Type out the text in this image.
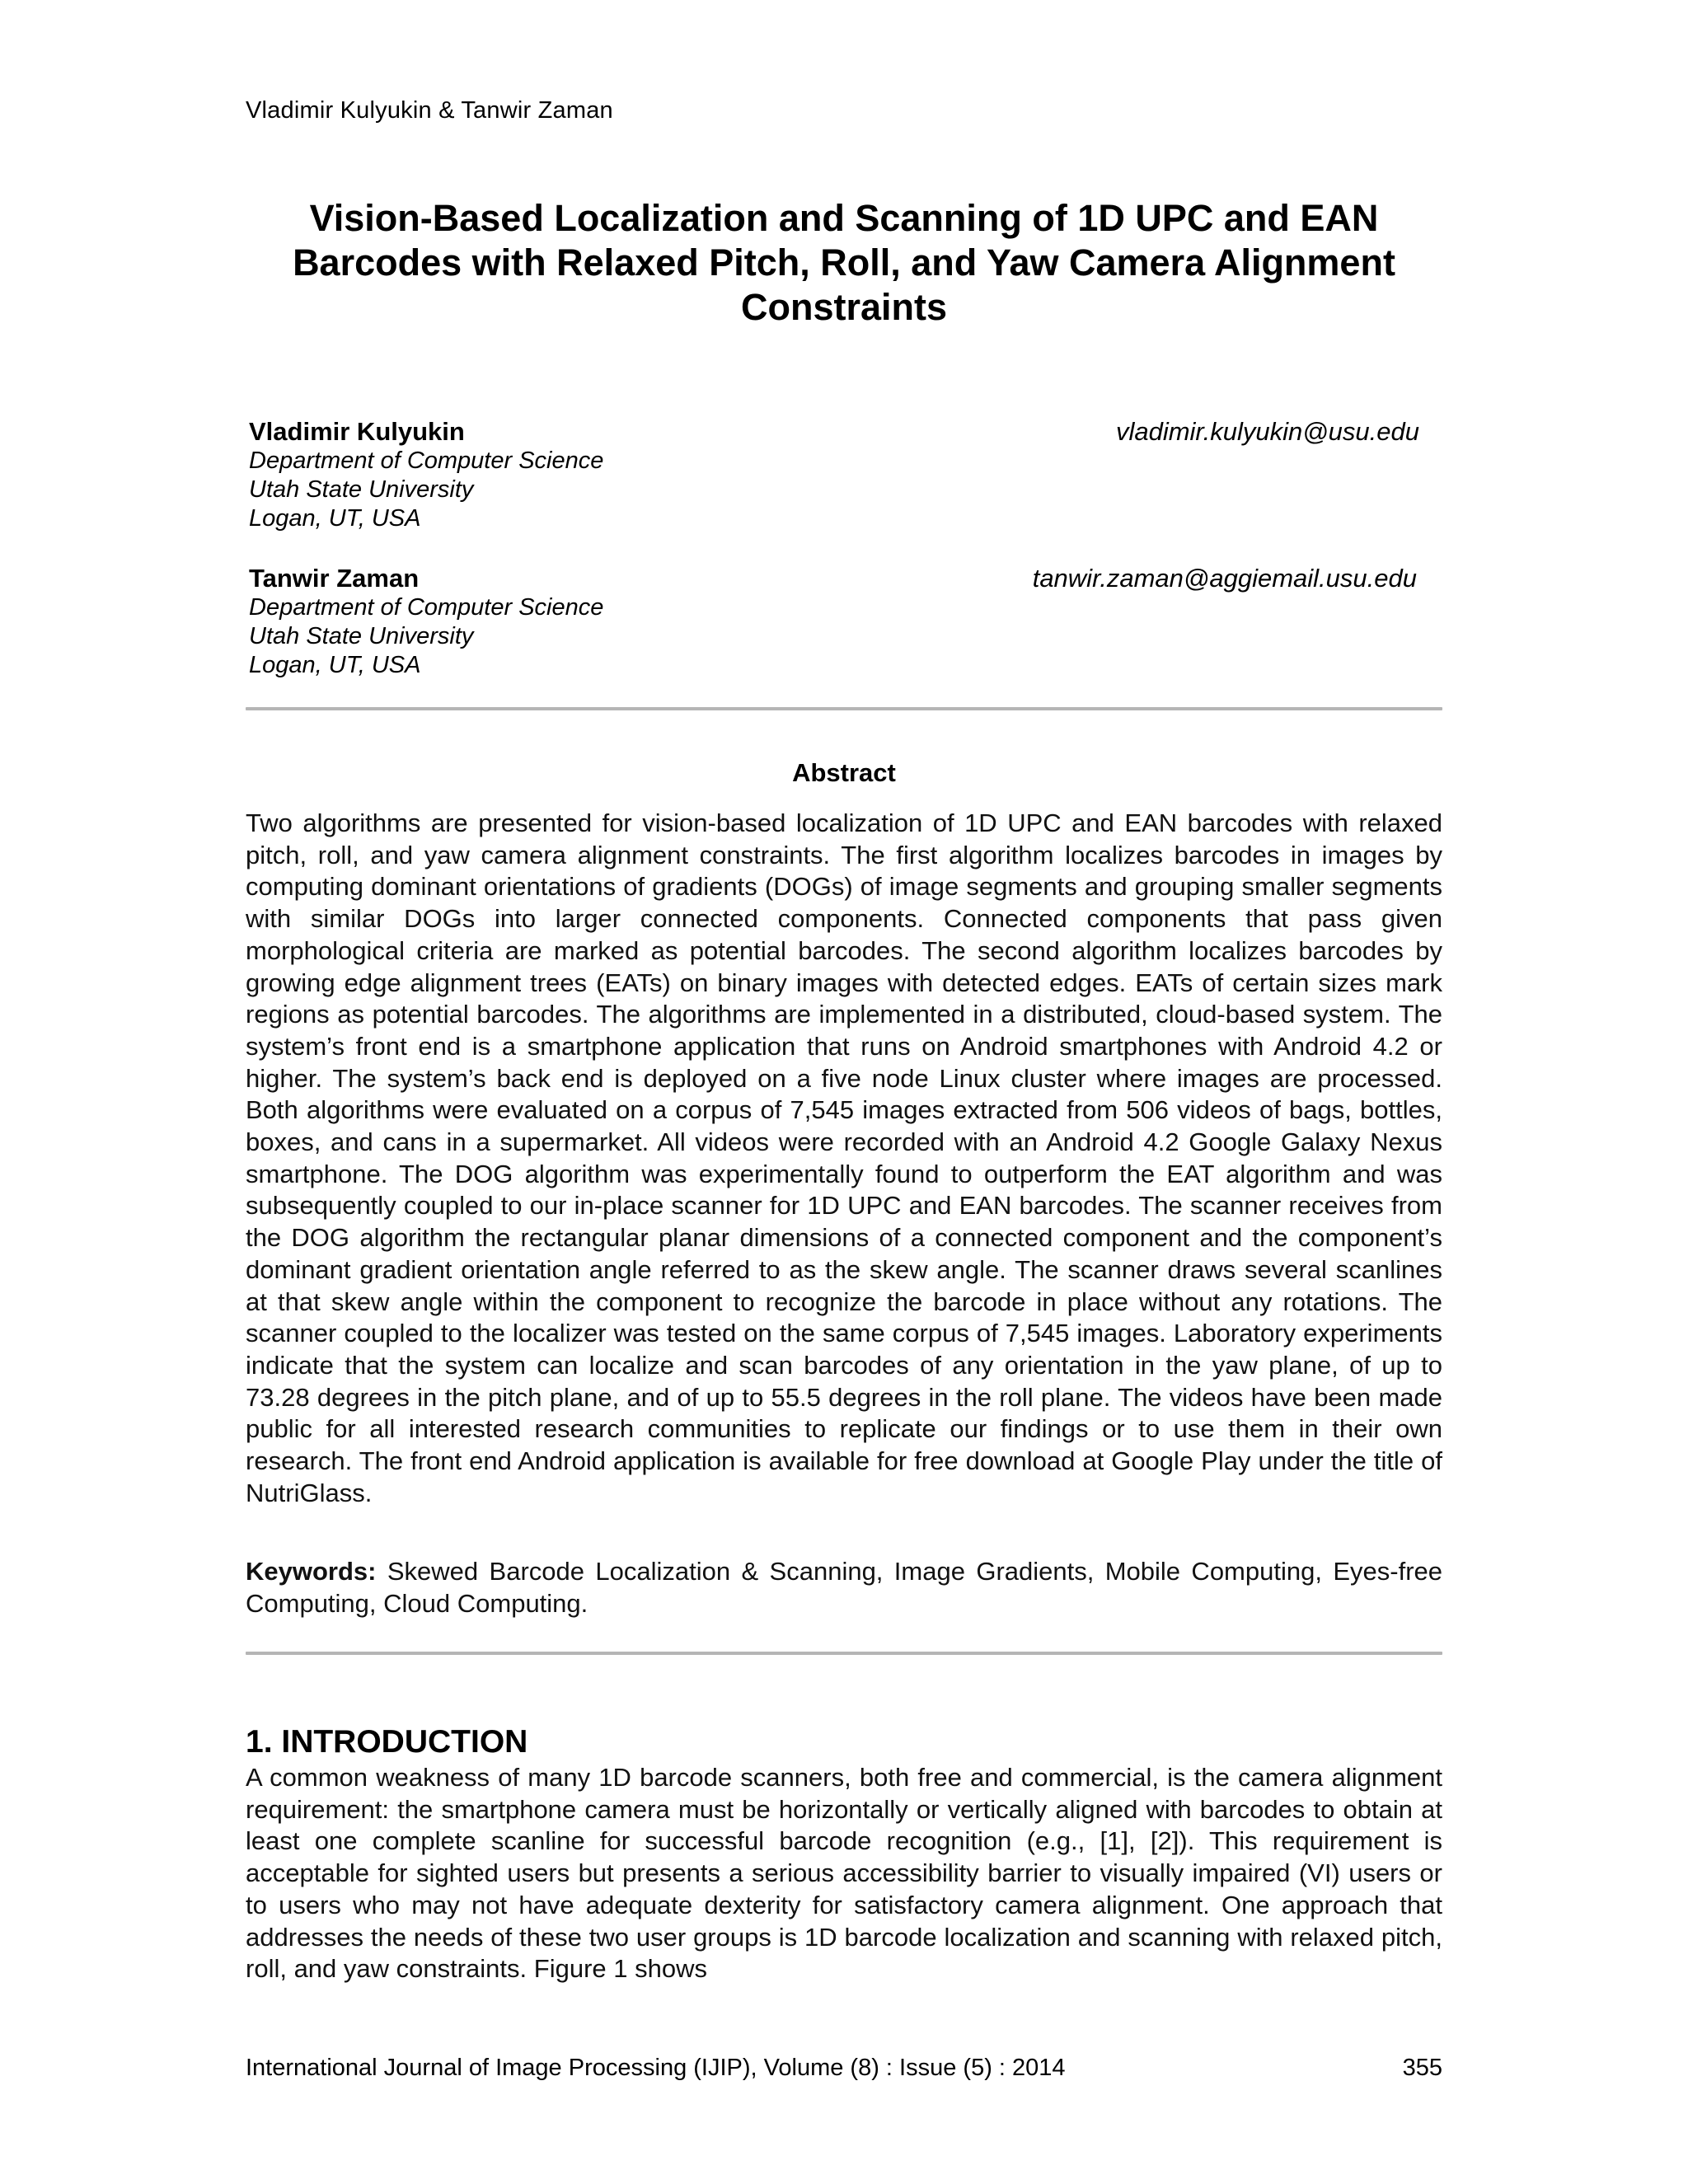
Vladimir Kulyukin & Tanwir Zaman
Vision-Based Localization and Scanning of 1D UPC and EAN Barcodes with Relaxed Pitch, Roll, and Yaw Camera Alignment Constraints
Vladimir Kulyukin
Department of Computer Science
Utah State University
Logan, UT, USA
vladimir.kulyukin@usu.edu
Tanwir Zaman
Department of Computer Science
Utah State University
Logan, UT, USA
tanwir.zaman@aggiemail.usu.edu
Abstract

Two algorithms are presented for vision-based localization of 1D UPC and EAN barcodes with relaxed pitch, roll, and yaw camera alignment constraints. The first algorithm localizes barcodes in images by computing dominant orientations of gradients (DOGs) of image segments and grouping smaller segments with similar DOGs into larger connected components. Connected components that pass given morphological criteria are marked as potential barcodes. The second algorithm localizes barcodes by growing edge alignment trees (EATs) on binary images with detected edges. EATs of certain sizes mark regions as potential barcodes. The algorithms are implemented in a distributed, cloud-based system. The system’s front end is a smartphone application that runs on Android smartphones with Android 4.2 or higher. The system’s back end is deployed on a five node Linux cluster where images are processed. Both algorithms were evaluated on a corpus of 7,545 images extracted from 506 videos of bags, bottles, boxes, and cans in a supermarket. All videos were recorded with an Android 4.2 Google Galaxy Nexus smartphone. The DOG algorithm was experimentally found to outperform the EAT algorithm and was subsequently coupled to our in-place scanner for 1D UPC and EAN barcodes. The scanner receives from the DOG algorithm the rectangular planar dimensions of a connected component and the component’s dominant gradient orientation angle referred to as the skew angle. The scanner draws several scanlines at that skew angle within the component to recognize the barcode in place without any rotations. The scanner coupled to the localizer was tested on the same corpus of 7,545 images. Laboratory experiments indicate that the system can localize and scan barcodes of any orientation in the yaw plane, of up to 73.28 degrees in the pitch plane, and of up to 55.5 degrees in the roll plane. The videos have been made public for all interested research communities to replicate our findings or to use them in their own research. The front end Android application is available for free download at Google Play under the title of NutriGlass.

Keywords: Skewed Barcode Localization & Scanning, Image Gradients, Mobile Computing, Eyes-free Computing, Cloud Computing.

1. INTRODUCTION

A common weakness of many 1D barcode scanners, both free and commercial, is the camera alignment requirement: the smartphone camera must be horizontally or vertically aligned with barcodes to obtain at least one complete scanline for successful barcode recognition (e.g., [1], [2]). This requirement is acceptable for sighted users but presents a serious accessibility barrier to visually impaired (VI) users or to users who may not have adequate dexterity for satisfactory camera alignment. One approach that addresses the needs of these two user groups is 1D barcode localization and scanning with relaxed pitch, roll, and yaw constraints. Figure 1 shows

International Journal of Image Processing (IJIP), Volume (8) : Issue (5) : 2014	355
